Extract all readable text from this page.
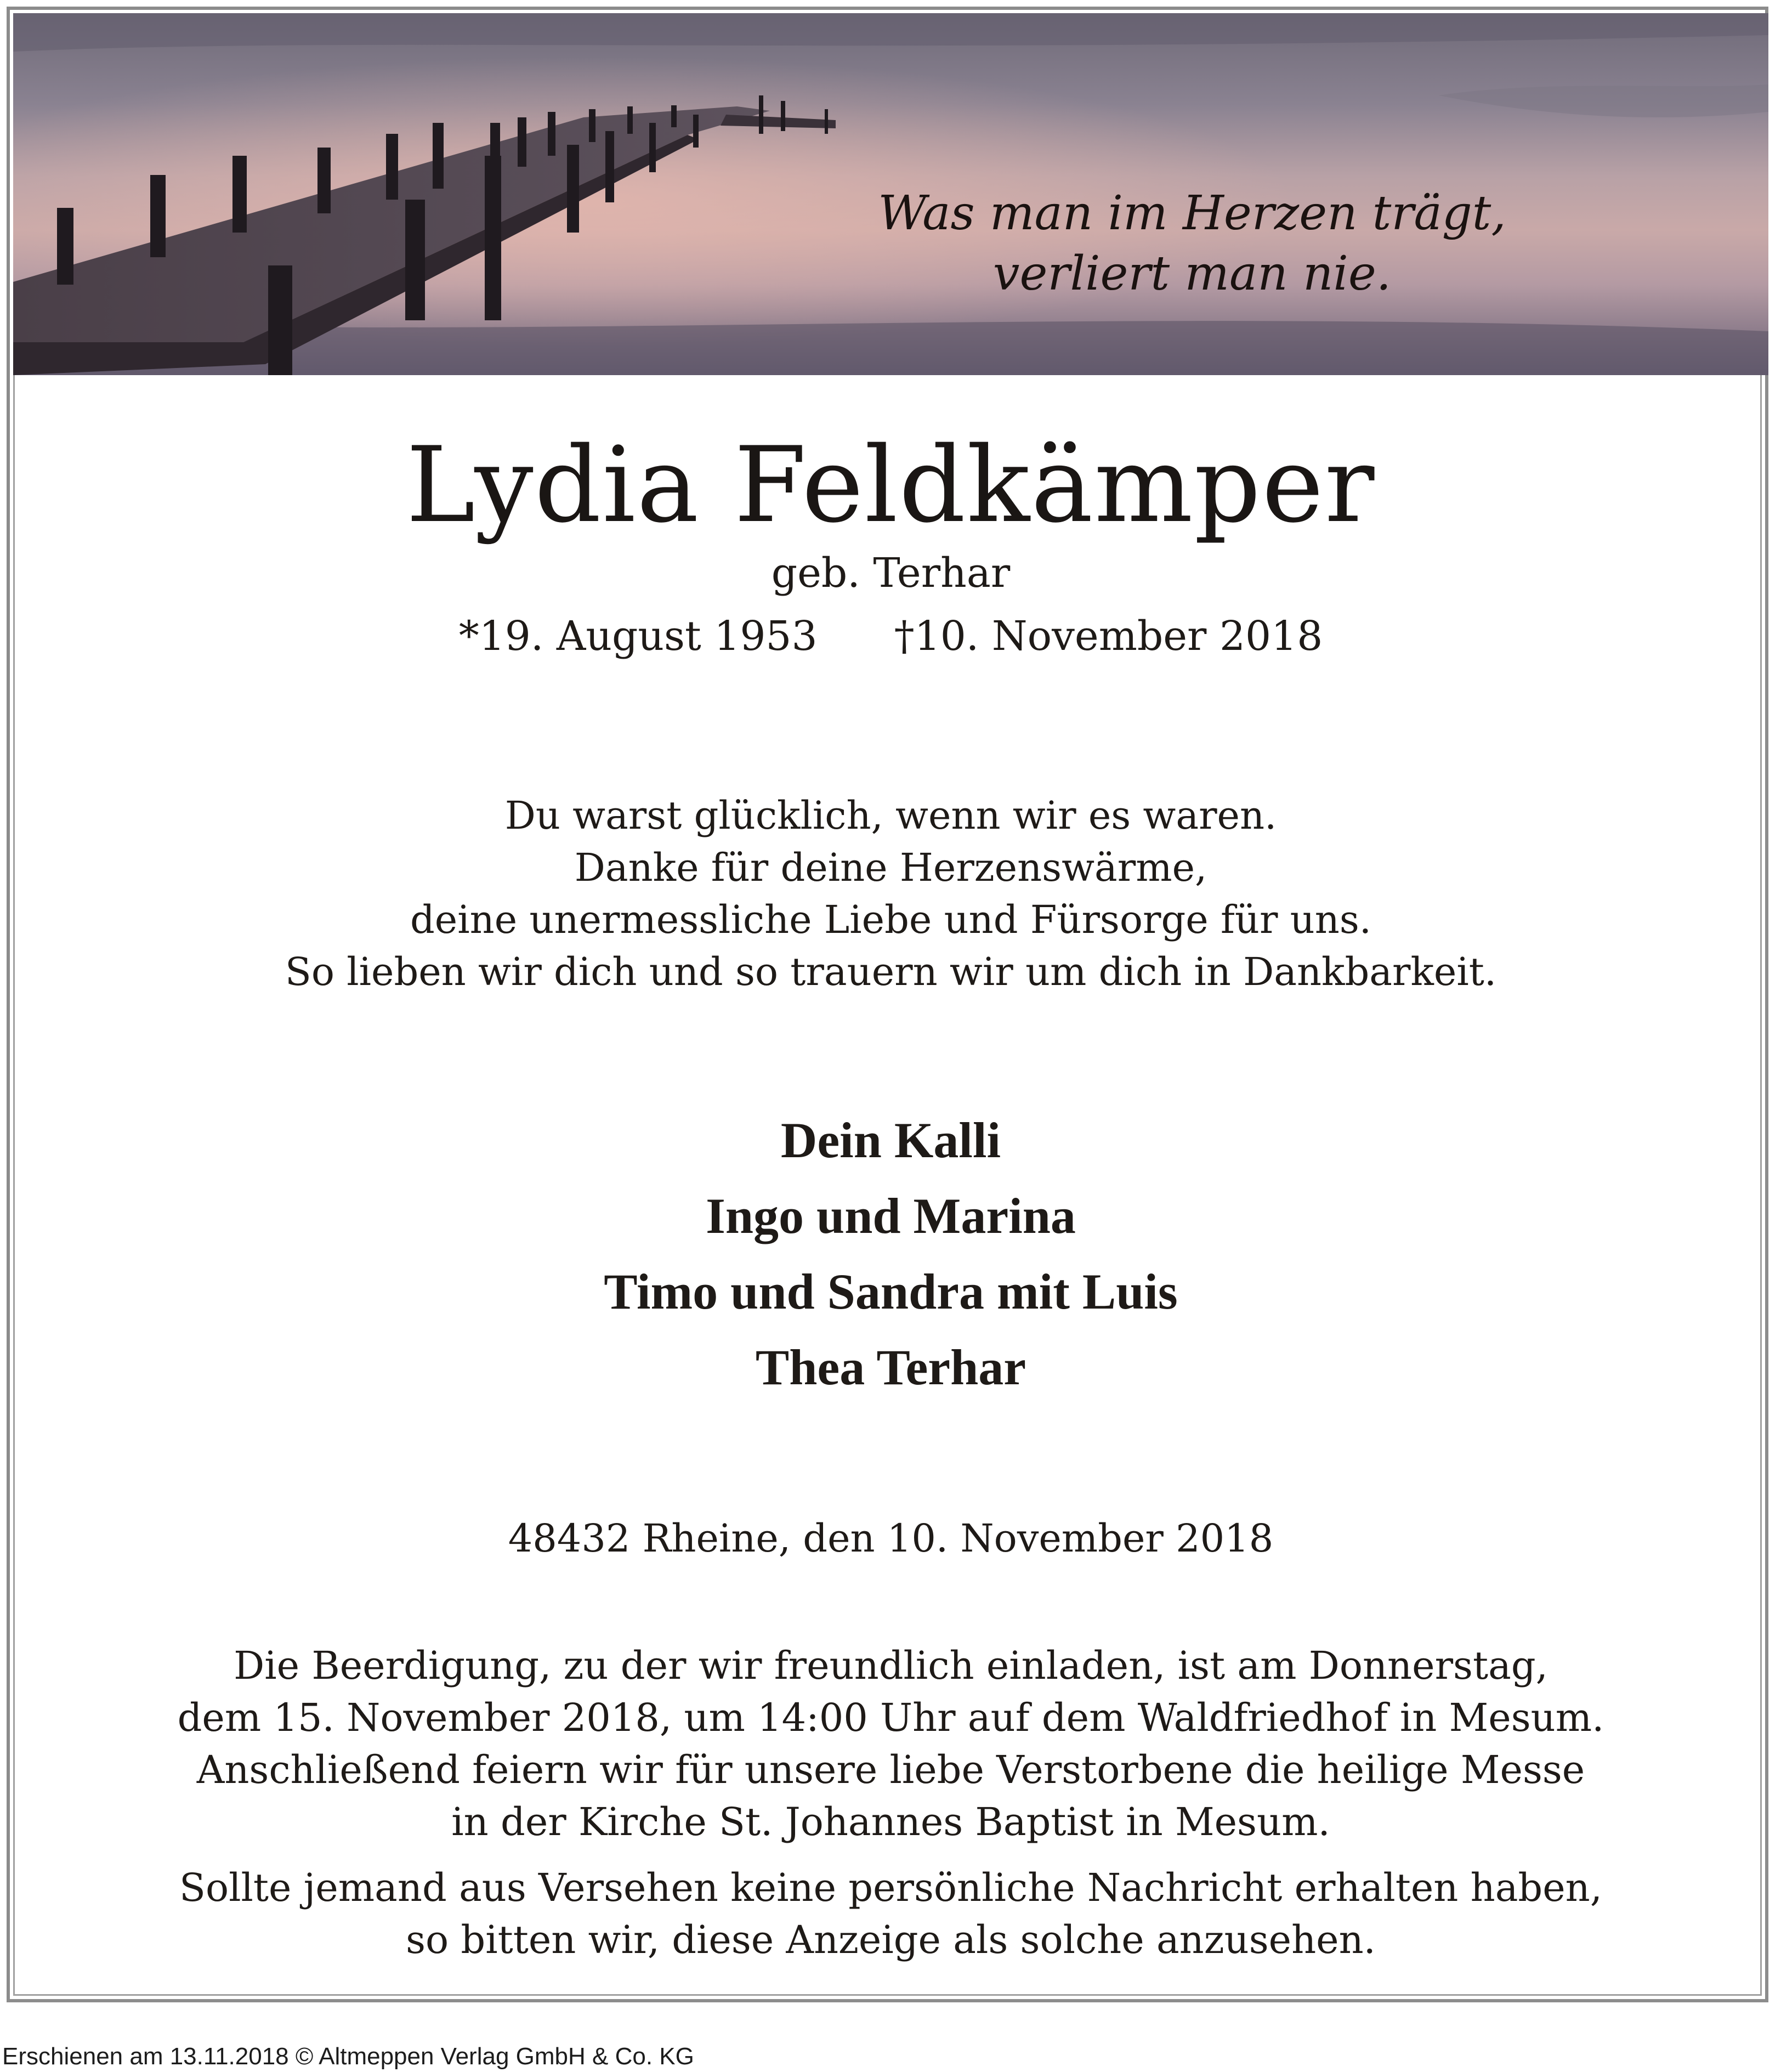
Was man im Herzen trägt,
verliert man nie.
Lydia Feldkämper
geb. Terhar
*19. August 1953 †10. November 2018
Du warst glücklich, wenn wir es waren.
Danke für deine Herzenswärme,
deine unermessliche Liebe und Fürsorge für uns.
So lieben wir dich und so trauern wir um dich in Dankbarkeit.
Dein Kalli
Ingo und Marina
Timo und Sandra mit Luis
Thea Terhar
48432 Rheine, den 10. November 2018
Die Beerdigung, zu der wir freundlich einladen, ist am Donnerstag,
dem 15. November 2018, um 14:00 Uhr auf dem Waldfriedhof in Mesum.
Anschließend feiern wir für unsere liebe Verstorbene die heilige Messe
in der Kirche St. Johannes Baptist in Mesum.
Sollte jemand aus Versehen keine persönliche Nachricht erhalten haben,
so bitten wir, diese Anzeige als solche anzusehen.
Erschienen am 13.11.2018 © Altmeppen Verlag GmbH & Co. KG
